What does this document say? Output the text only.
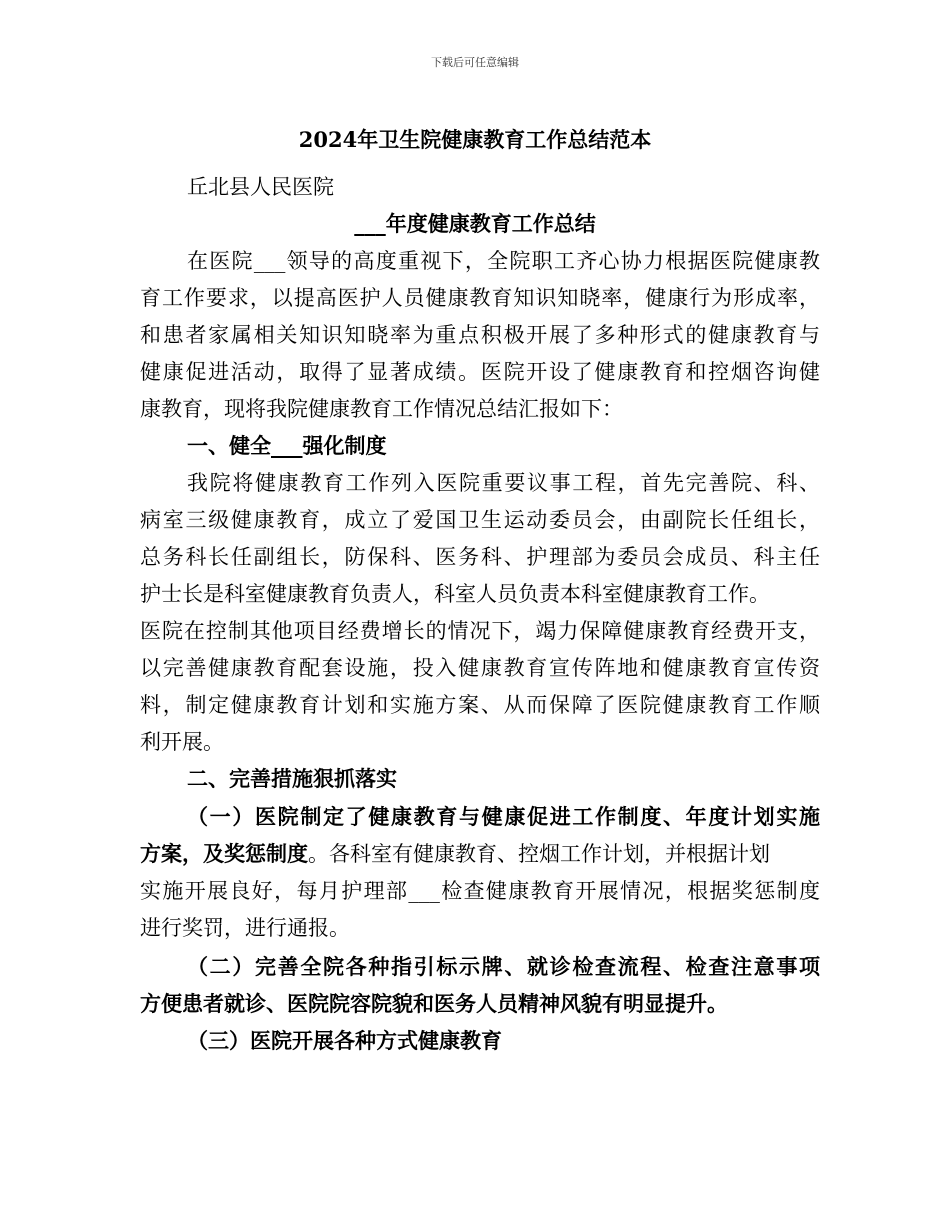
下载后可任意编辑
2024年卫生院健康教育工作总结范本
丘北县人民医院
___年度健康教育工作总结
在医院___领导的高度重视下，全院职工齐心协力根据医院健康教
育工作要求，以提高医护人员健康教育知识知晓率，健康行为形成率，
和患者家属相关知识知晓率为重点积极开展了多种形式的健康教育与
健康促进活动，取得了显著成绩。医院开设了健康教育和控烟咨询健
康教育，现将我院健康教育工作情况总结汇报如下：
一、健全___强化制度
我院将健康教育工作列入医院重要议事工程，首先完善院、科、
病室三级健康教育，成立了爱国卫生运动委员会，由副院长任组长，
总务科长任副组长，防保科、医务科、护理部为委员会成员、科主任
护士长是科室健康教育负责人，科室人员负责本科室健康教育工作。
医院在控制其他项目经费增长的情况下，竭力保障健康教育经费开支，
以完善健康教育配套设施，投入健康教育宣传阵地和健康教育宣传资
料，制定健康教育计划和实施方案、从而保障了医院健康教育工作顺
利开展。
二、完善措施狠抓落实
（一）医院制定了健康教育与健康促进工作制度、年度计划实施
方案，及奖惩制度。各科室有健康教育、控烟工作计划，并根据计划
实施开展良好，每月护理部___检查健康教育开展情况，根据奖惩制度
进行奖罚，进行通报。
（二）完善全院各种指引标示牌、就诊检查流程、检查注意事项
方便患者就诊、医院院容院貌和医务人员精神风貌有明显提升。
（三）医院开展各种方式健康教育
